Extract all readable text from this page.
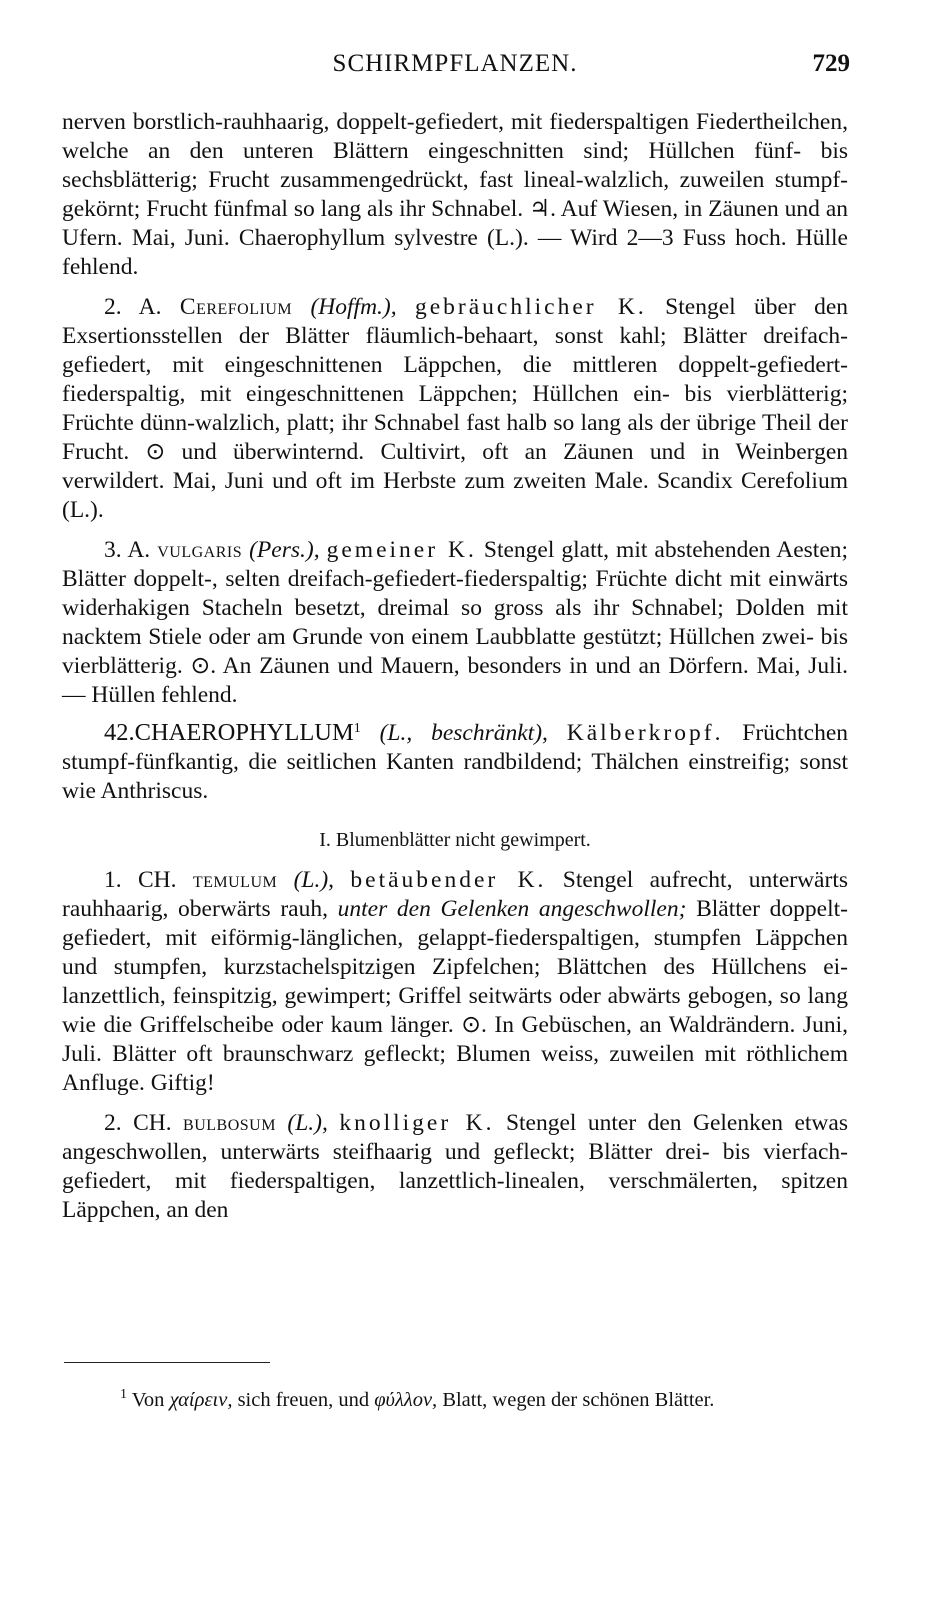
SCHIRMPFLANZEN.	729

nerven borstlich-rauhhaarig, doppelt-gefiedert, mit fiederspaltigen Fiedertheilchen, welche an den unteren Blättern eingeschnitten sind; Hüllchen fünf- bis sechsblätterig; Frucht zusammengedrückt, fast lineal-walzlich, zuweilen stumpf-gekörnt; Frucht fünfmal so lang als ihr Schnabel. ♃. Auf Wiesen, in Zäunen und an Ufern. Mai, Juni. Chaerophyllum sylvestre (L.). — Wird 2—3 Fuss hoch. Hülle fehlend.

2. A. Cerefolium (Hoffm.), gebräuchlicher K. Stengel über den Exsertionsstellen der Blätter fläumlich-behaart, sonst kahl; Blätter dreifach-gefiedert, mit eingeschnittenen Läppchen, die mittleren doppelt-gefiedert-fiederspaltig, mit eingeschnittenen Läppchen; Hüllchen ein- bis vierblätterig; Früchte dünn-walzlich, platt; ihr Schnabel fast halb so lang als der übrige Theil der Frucht. ⊙ und überwinternd. Cultivirt, oft an Zäunen und in Weinbergen verwildert. Mai, Juni und oft im Herbste zum zweiten Male. Scandix Cerefolium (L.).

3. A. vulgaris (Pers.), gemeiner K. Stengel glatt, mit abstehenden Aesten; Blätter doppelt-, selten dreifach-gefiedert-fiederspaltig; Früchte dicht mit einwärts widerhakigen Stacheln besetzt, dreimal so gross als ihr Schnabel; Dolden mit nacktem Stiele oder am Grunde von einem Laubblatte gestützt; Hüllchen zwei- bis vierblätterig. ⊙. An Zäunen und Mauern, besonders in und an Dörfern. Mai, Juli. — Hüllen fehlend.

42.CHAEROPHYLLUM$^1$ (L., beschränkt), Kälberkropf. Früchtchen stumpf-fünfkantig, die seitlichen Kanten randbildend; Thälchen einstreifig; sonst wie Anthriscus.

I. Blumenblätter nicht gewimpert.

1. CH. temulum (L.), betäubender K. Stengel aufrecht, unterwärts rauhhaarig, oberwärts rauh, unter den Gelenken angeschwollen; Blätter doppelt-gefiedert, mit eiförmig-länglichen, gelappt-fiederspaltigen, stumpfen Läppchen und stumpfen, kurzstachelspitzigen Zipfelchen; Blättchen des Hüllchens ei-lanzettlich, feinspitzig, gewimpert; Griffel seitwärts oder abwärts gebogen, so lang wie die Griffelscheibe oder kaum länger. ⊙. In Gebüschen, an Waldrändern. Juni, Juli. Blätter oft braunschwarz gefleckt; Blumen weiss, zuweilen mit röthlichem Anfluge. Giftig!

2. CH. bulbosum (L.), knolliger K. Stengel unter den Gelenken etwas angeschwollen, unterwärts steifhaarig und gefleckt; Blätter drei- bis vierfach-gefiedert, mit fiederspaltigen, lanzettlich-linealen, verschmälerten, spitzen Läppchen, an den

$^1$ Von χαίρειν, sich freuen, und φύλλον, Blatt, wegen der schönen Blätter.
